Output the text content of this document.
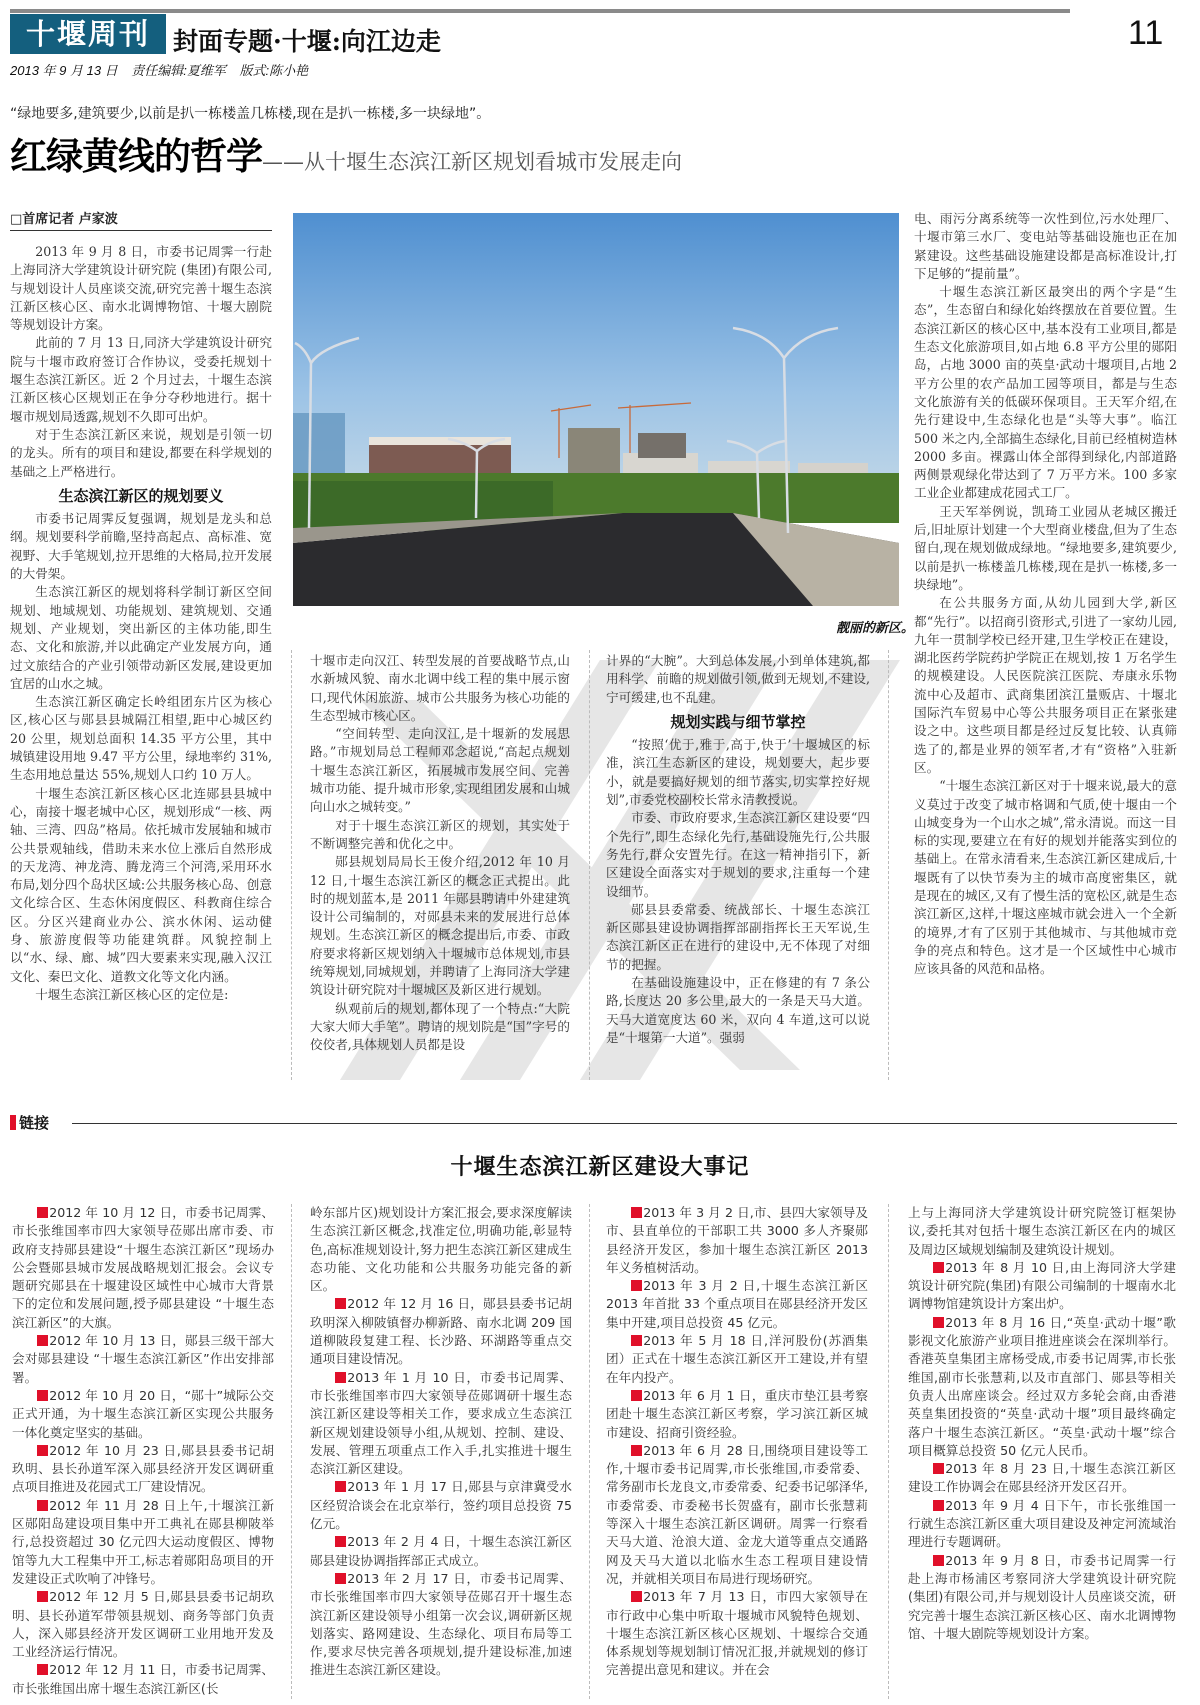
十堰周刊 封面专题·十堰:向江边走	11
2013 年 9 月 13 日 责任编辑:夏维军 版式:陈小艳
“绿地要多,建筑要少,以前是扒一栋楼盖几栋楼,现在是扒一栋楼,多一块绿地”。
红绿黄线的哲学——从十堰生态滨江新区规划看城市发展走向
□首席记者 卢家波

2013 年 9 月 8 日，市委书记周霁一行赴上海同济大学建筑设计研究院 (集团)有限公司,与规划设计人员座谈交流,研究完善十堰生态滨江新区核心区、南水北调博物馆、十堰大剧院等规划设计方案。

此前的 7 月 13 日,同济大学建筑设计研究院与十堰市政府签订合作协议，受委托规划十堰生态滨江新区。近 2 个月过去，十堰生态滨江新区核心区规划正在争分夺秒地进行。据十堰市规划局透露,规划不久即可出炉。

对于生态滨江新区来说，规划是引领一切的龙头。所有的项目和建设,都要在科学规划的基础之上严格进行。

生态滨江新区的规划要义

市委书记周霁反复强调，规划是龙头和总纲。规划要科学前瞻,坚持高起点、高标准、宽视野、大手笔规划,拉开思维的大格局,拉开发展的大骨架。

生态滨江新区的规划将科学制订新区空间规划、地域规划、功能规划、建筑规划、交通规划、产业规划，突出新区的主体功能,即生态、文化和旅游,并以此确定产业发展方向，通过文旅结合的产业引领带动新区发展,建设更加宜居的山水之城。

生态滨江新区确定长岭组团东片区为核心区,核心区与郧县县城隔江相望,距中心城区约 20 公里，规划总面积 14.35 平方公里，其中城镇建设用地 9.47 平方公里，绿地率约 31%,生态用地总量达 55%,规划人口约 10 万人。

十堰生态滨江新区核心区北连郧县县城中心，南接十堰老城中心区，规划形成“一核、两轴、三湾、四岛”格局。依托城市发展轴和城市公共景观轴线，借助未来水位上涨后自然形成的天龙湾、神龙湾、腾龙湾三个河湾,采用环水布局,划分四个岛状区域:公共服务核心岛、创意文化综合区、生态休闲度假区、科教商住综合区。分区兴建商业办公、滨水休闲、运动健身、旅游度假等功能建筑群。风貌控制上以“水、绿、廊、城”四大要素来实现,融入汉江文化、秦巴文化、道教文化等文化内涵。

十堰生态滨江新区核心区的定位是:

靓丽的新区。

十堰市走向汉江、转型发展的首要战略节点,山水新城风貌、南水北调中线工程的集中展示窗口,现代休闲旅游、城市公共服务为核心功能的生态型城市核心区。

“空间转型、走向汉江,是十堰新的发展思路。”市规划局总工程师邓念超说,“高起点规划十堰生态滨江新区，拓展城市发展空间、完善城市功能、提升城市形象,实现组团发展和山城向山水之城转变。”

对于十堰生态滨江新区的规划，其实处于不断调整完善和优化之中。

郧县规划局局长王俊介绍,2012 年 10 月 12 日,十堰生态滨江新区的概念正式提出。此时的规划蓝本,是 2011 年郧县聘请中外建建筑设计公司编制的，对郧县未来的发展进行总体规划。生态滨江新区的概念提出后,市委、市政府要求将新区规划纳入十堰城市总体规划,市县统筹规划,同城规划，并聘请了上海同济大学建筑设计研究院对十堰城区及新区进行规划。

纵观前后的规划,都体现了一个特点:“大院大家大师大手笔”。聘请的规划院是“国”字号的佼佼者,具体规划人员都是设

计界的“大腕”。大到总体发展,小到单体建筑,都用科学、前瞻的规划做引领,做到无规划,不建设,宁可缓建,也不乱建。

规划实践与细节掌控

“按照‘优于,雅于,高于,快于’十堰城区的标准，滨江生态新区的建设，规划要大，起步要小，就是要搞好规划的细节落实,切实掌控好规划”,市委党校副校长常永清教授说。

市委、市政府要求,生态滨江新区建设要“四个先行”,即生态绿化先行,基础设施先行,公共服务先行,群众安置先行。在这一精神指引下，新区建设全面落实对于规划的要求,注重每一个建设细节。

郧县县委常委、统战部长、十堰生态滨江新区郧县建设协调指挥部副指挥长王天军说,生态滨江新区正在进行的建设中,无不体现了对细节的把握。

在基础设施建设中，正在修建的有 7 条公路,长度达 20 多公里,最大的一条是天马大道。天马大道宽度达 60 米，双向 4 车道,这可以说是“十堰第一大道”。强弱

电、雨污分离系统等一次性到位,污水处理厂、十堰市第三水厂、变电站等基础设施也正在加紧建设。这些基础设施建设都是高标准设计,打下足够的“提前量”。

十堰生态滨江新区最突出的两个字是“生态”，生态留白和绿化始终摆放在首要位置。生态滨江新区的核心区中,基本没有工业项目,都是生态文化旅游项目,如占地 6.8 平方公里的郧阳岛，占地 3000 亩的英皇·武动十堰项目,占地 2 平方公里的农产品加工园等项目，都是与生态文化旅游有关的低碳环保项目。王天军介绍,在先行建设中,生态绿化也是“头等大事”。临江 500 米之内,全部搞生态绿化,目前已经植树造林 2000 多亩。裸露山体全部得到绿化,内部道路两侧景观绿化带达到了 7 万平方米。100 多家工业企业都建成花园式工厂。

王天军举例说，凯琦工业园从老城区搬迁后,旧址原计划建一个大型商业楼盘,但为了生态留白,现在规划做成绿地。“绿地要多,建筑要少,以前是扒一栋楼盖几栋楼,现在是扒一栋楼,多一块绿地”。

在公共服务方面,从幼儿园到大学,新区都“先行”。以招商引资形式,引进了一家幼儿园,九年一贯制学校已经开建,卫生学校正在建设，湖北医药学院药护学院正在规划,按 1 万名学生的规模建设。人民医院滨江医院、寿康永乐物流中心及超市、武商集团滨江量贩店、十堰北国际汽车贸易中心等公共服务项目正在紧张建设之中。这些项目都是经过反复比较、认真筛选了的,都是业界的领军者,才有“资格”入驻新区。

“十堰生态滨江新区对于十堰来说,最大的意义莫过于改变了城市格调和气质,使十堰由一个山城变身为一个山水之城”,常永清说。而这一目标的实现,要建立在有好的规划并能落实到位的基础上。在常永清看来,生态滨江新区建成后,十堰既有了以快节奏为主的城市高度密集区，就是现在的城区,又有了慢生活的宽松区,就是生态滨江新区,这样,十堰这座城市就会进入一个全新的境界,才有了区别于其他城市、与其他城市竞争的亮点和特色。这才是一个区域性中心城市应该具备的风范和品格。

链接
十堰生态滨江新区建设大事记

2012 年 10 月 12 日，市委书记周霁、市长张维国率市四大家领导莅郧出席市委、市政府支持郧县建设“十堰生态滨江新区”现场办公会暨郧县城市发展战略规划汇报会。会议专题研究郧县在十堰建设区域性中心城市大背景下的定位和发展问题,授予郧县建设 “十堰生态滨江新区”的大旗。

2012 年 10 月 13 日，郧县三级干部大会对郧县建设 “十堰生态滨江新区”作出安排部署。

2012 年 10 月 20 日，“郧十”城际公交正式开通，为十堰生态滨江新区实现公共服务一体化奠定坚实的基础。

2012 年 10 月 23 日,郧县县委书记胡玖明、县长孙道军深入郧县经济开发区调研重点项目推进及花园式工厂建设情况。

2012 年 11 月 28 日上午,十堰滨江新区郧阳岛建设项目集中开工典礼在郧县柳陂举行,总投资超过 30 亿元四大运动度假区、博物馆等九大工程集中开工,标志着郧阳岛项目的开发建设正式吹响了冲锋号。

2012 年 12 月 5 日,郧县县委书记胡玖明、县长孙道军带领县规划、商务等部门负责人，深入郧县经济开发区调研工业用地开发及工业经济运行情况。

2012 年 12 月 11 日，市委书记周霁、市长张维国出席十堰生态滨江新区(长

岭东部片区)规划设计方案汇报会,要求深度解读生态滨江新区概念,找准定位,明确功能,彰显特色,高标准规划设计,努力把生态滨江新区建成生态功能、文化功能和公共服务功能完备的新区。

2012 年 12 月 16 日，郧县县委书记胡玖明深入柳陂镇督办柳新路、南水北调 209 国道柳陂段复建工程、长沙路、环湖路等重点交通项目建设情况。

2013 年 1 月 10 日，市委书记周霁、市长张维国率市四大家领导莅郧调研十堰生态滨江新区建设等相关工作，要求成立生态滨江新区规划建设领导小组,从规划、控制、建设、发展、管理五项重点工作入手,扎实推进十堰生态滨江新区建设。

2013 年 1 月 17 日,郧县与京津冀受水区经贸洽谈会在北京举行，签约项目总投资 75 亿元。

2013 年 2 月 4 日，十堰生态滨江新区郧县建设协调指挥部正式成立。

2013 年 2 月 17 日，市委书记周霁、市长张维国率市四大家领导莅郧召开十堰生态滨江新区建设领导小组第一次会议,调研新区规划落实、路网建设、生态绿化、项目布局等工作,要求尽快完善各项规划,提升建设标准,加速推进生态滨江新区建设。

2013 年 3 月 2 日,市、县四大家领导及市、县直单位的干部职工共 3000 多人齐聚郧县经济开发区，参加十堰生态滨江新区 2013 年义务植树活动。

2013 年 3 月 2 日,十堰生态滨江新区 2013 年首批 33 个重点项目在郧县经济开发区集中开建,项目总投资 45 亿元。

2013 年 5 月 18 日,洋河股份(苏酒集团）正式在十堰生态滨江新区开工建设,并有望在年内投产。

2013 年 6 月 1 日，重庆市垫江县考察团赴十堰生态滨江新区考察，学习滨江新区城市建设、招商引资经验。

2013 年 6 月 28 日,围绕项目建设等工作,十堰市委书记周霁,市长张维国,市委常委、常务副市长龙良文,市委常委、纪委书记邬泽华,市委常委、市委秘书长贺盛有，副市长张慧莉等深入十堰生态滨江新区调研。周霁一行察看天马大道、沧浪大道、金龙大道等重点交通路网及天马大道以北临水生态工程项目建设情况，并就相关项目布局进行现场研究。

2013 年 7 月 13 日，市四大家领导在市行政中心集中听取十堰城市风貌特色规划、十堰生态滨江新区核心区规划、十堰综合交通体系规划等规划制订情况汇报,并就规划的修订完善提出意见和建议。并在会

上与上海同济大学建筑设计研究院签订框架协议,委托其对包括十堰生态滨江新区在内的城区及周边区域规划编制及建筑设计规划。

2013 年 8 月 10 日,由上海同济大学建筑设计研究院(集团)有限公司编制的十堰南水北调博物馆建筑设计方案出炉。

2013 年 8 月 16 日,“英皇·武动十堰”歌影视文化旅游产业项目推进座谈会在深圳举行。香港英皇集团主席杨受成,市委书记周霁,市长张维国,副市长张慧莉,以及市直部门、郧县等相关负责人出席座谈会。经过双方多轮会商,由香港英皇集团投资的“英皇·武动十堰”项目最终确定落户十堰生态滨江新区。“英皇·武动十堰”综合项目概算总投资 50 亿元人民币。

2013 年 8 月 23 日,十堰生态滨江新区建设工作协调会在郧县经济开发区召开。

2013 年 9 月 4 日下午，市长张维国一行就生态滨江新区重大项目建设及神定河流域治理进行专题调研。

2013 年 9 月 8 日，市委书记周霁一行赴上海市杨浦区考察同济大学建筑设计研究院(集团)有限公司,并与规划设计人员座谈交流，研究完善十堰生态滨江新区核心区、南水北调博物馆、十堰大剧院等规划设计方案。
